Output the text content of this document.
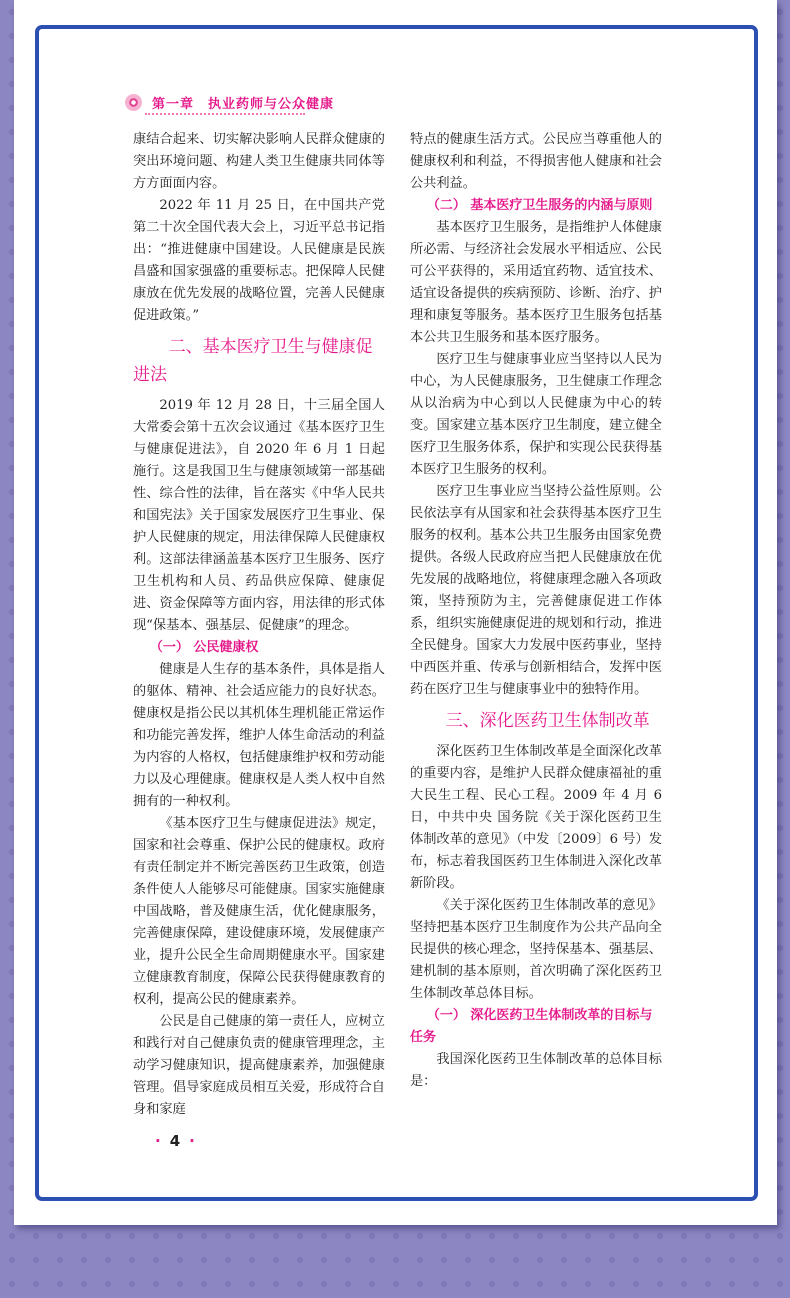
第一章　执业药师与公众健康

康结合起来、切实解决影响人民群众健康的突出环境问题、构建人类卫生健康共同体等方方面面内容。

2022 年 11 月 25 日，在中国共产党第二十次全国代表大会上，习近平总书记指出：“推进健康中国建设。人民健康是民族昌盛和国家强盛的重要标志。把保障人民健康放在优先发展的战略位置，完善人民健康促进政策。”

二、基本医疗卫生与健康促进法

2019 年 12 月 28 日，十三届全国人大常委会第十五次会议通过《基本医疗卫生与健康促进法》，自 2020 年 6 月 1 日起施行。这是我国卫生与健康领域第一部基础性、综合性的法律，旨在落实《中华人民共和国宪法》关于国家发展医疗卫生事业、保护人民健康的规定，用法律保障人民健康权利。这部法律涵盖基本医疗卫生服务、医疗卫生机构和人员、药品供应保障、健康促进、资金保障等方面内容，用法律的形式体现“保基本、强基层、促健康”的理念。

（一） 公民健康权

健康是人生存的基本条件，具体是指人的躯体、精神、社会适应能力的良好状态。健康权是指公民以其机体生理机能正常运作和功能完善发挥，维护人体生命活动的利益为内容的人格权，包括健康维护权和劳动能力以及心理健康。健康权是人类人权中自然拥有的一种权利。

《基本医疗卫生与健康促进法》规定，国家和社会尊重、保护公民的健康权。政府有责任制定并不断完善医药卫生政策，创造条件使人人能够尽可能健康。国家实施健康中国战略，普及健康生活，优化健康服务，完善健康保障，建设健康环境，发展健康产业，提升公民全生命周期健康水平。国家建立健康教育制度，保障公民获得健康教育的权利，提高公民的健康素养。

公民是自己健康的第一责任人，应树立和践行对自己健康负责的健康管理理念，主动学习健康知识，提高健康素养，加强健康管理。倡导家庭成员相互关爱，形成符合自身和家庭

特点的健康生活方式。公民应当尊重他人的健康权利和利益，不得损害他人健康和社会公共利益。

（二） 基本医疗卫生服务的内涵与原则

基本医疗卫生服务，是指维护人体健康所必需、与经济社会发展水平相适应、公民可公平获得的，采用适宜药物、适宜技术、适宜设备提供的疾病预防、诊断、治疗、护理和康复等服务。基本医疗卫生服务包括基本公共卫生服务和基本医疗服务。

医疗卫生与健康事业应当坚持以人民为中心，为人民健康服务，卫生健康工作理念从以治病为中心到以人民健康为中心的转变。国家建立基本医疗卫生制度，建立健全医疗卫生服务体系，保护和实现公民获得基本医疗卫生服务的权利。

医疗卫生事业应当坚持公益性原则。公民依法享有从国家和社会获得基本医疗卫生服务的权利。基本公共卫生服务由国家免费提供。各级人民政府应当把人民健康放在优先发展的战略地位，将健康理念融入各项政策，坚持预防为主，完善健康促进工作体系，组织实施健康促进的规划和行动，推进全民健身。国家大力发展中医药事业，坚持中西医并重、传承与创新相结合，发挥中医药在医疗卫生与健康事业中的独特作用。

三、深化医药卫生体制改革

深化医药卫生体制改革是全面深化改革的重要内容，是维护人民群众健康福祉的重大民生工程、民心工程。2009 年 4 月 6 日，中共中央 国务院《关于深化医药卫生体制改革的意见》（中发〔2009〕6 号）发布，标志着我国医药卫生体制进入深化改革新阶段。

《关于深化医药卫生体制改革的意见》坚持把基本医疗卫生制度作为公共产品向全民提供的核心理念，坚持保基本、强基层、建机制的基本原则，首次明确了深化医药卫生体制改革总体目标。

（一） 深化医药卫生体制改革的目标与任务

我国深化医药卫生体制改革的总体目标是：

· 4 ·
